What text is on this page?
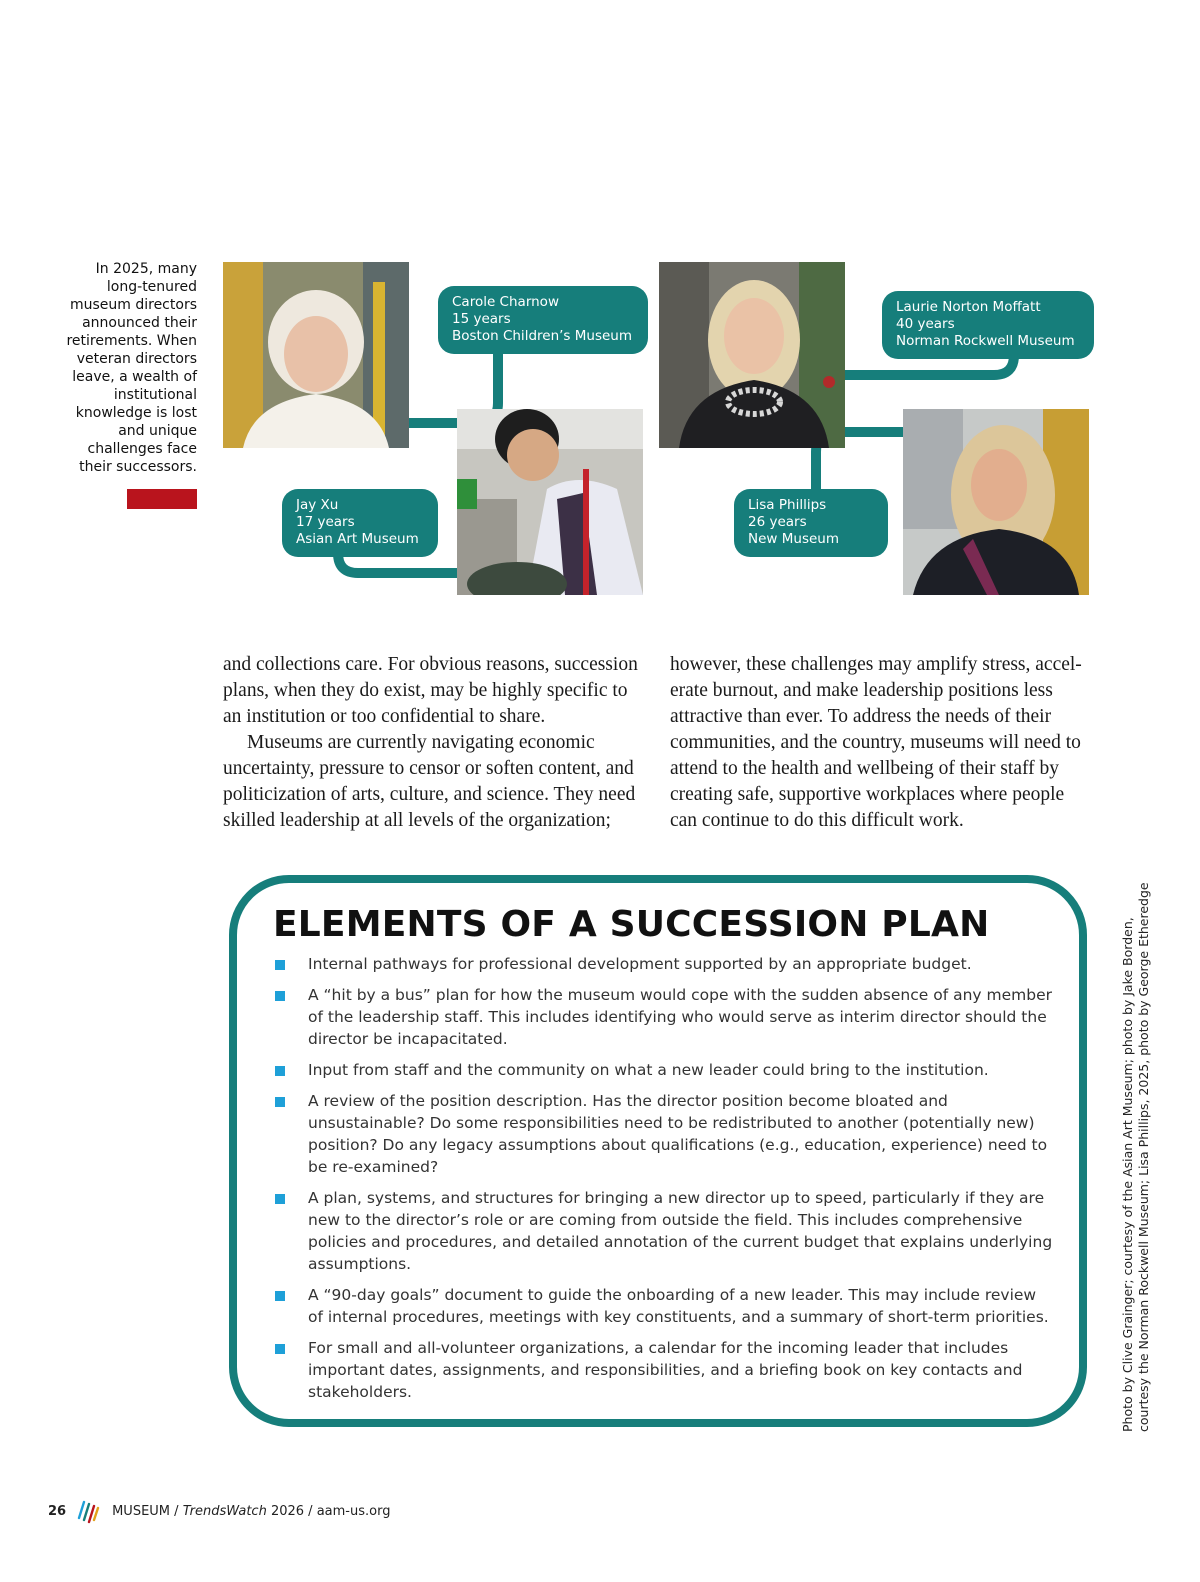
In 2025, many long-tenured museum directors announced their retirements. When veteran directors leave, a wealth of institutional knowledge is lost and unique challenges face their successors.
Carole Charnow
15 years
Boston Children’s Museum
Jay Xu
17 years
Asian Art Museum
Laurie Norton Moffatt
40 years
Norman Rockwell Museum
Lisa Phillips
26 years
New Museum

and collections care. For obvious reasons, succession plans, when they do exist, may be highly specific to an institution or too confidential to share.

Museums are currently navigating economic uncertainty, pressure to censor or soften content, and politicization of arts, culture, and science. They need skilled leadership at all levels of the organization;

however, these challenges may amplify stress, accel-erate burnout, and make leadership positions less attractive than ever. To address the needs of their communities, and the country, museums will need to attend to the health and wellbeing of their staff by creating safe, supportive workplaces where people can continue to do this difficult work.

ELEMENTS OF A SUCCESSION PLAN
Internal pathways for professional development supported by an appropriate budget.
A “hit by a bus” plan for how the museum would cope with the sudden absence of any member of the leadership staff. This includes identifying who would serve as interim director should the director be incapacitated.
Input from staff and the community on what a new leader could bring to the institution.
A review of the position description. Has the director position become bloated and unsustainable? Do some responsibilities need to be redistributed to another (potentially new) position? Do any legacy assumptions about qualifications (e.g., education, experience) need to be re-examined?
A plan, systems, and structures for bringing a new director up to speed, particularly if they are new to the director’s role or are coming from outside the field. This includes comprehensive policies and procedures, and detailed annotation of the current budget that explains underlying assumptions.
A “90-day goals” document to guide the onboarding of a new leader. This may include review of internal procedures, meetings with key constituents, and a summary of short-term priorities.
For small and all-volunteer organizations, a calendar for the incoming leader that includes important dates, assignments, and responsibilities, and a briefing book on key contacts and stakeholders.	Photo by Clive Grainger; courtesy of the Asian Art Museum; photo by Jake Borden, courtesy the Norman Rockwell Museum; Lisa Phillips, 2025, photo by George Etheredge
26	MUSEUM / TrendsWatch 2026 / aam-us.org
